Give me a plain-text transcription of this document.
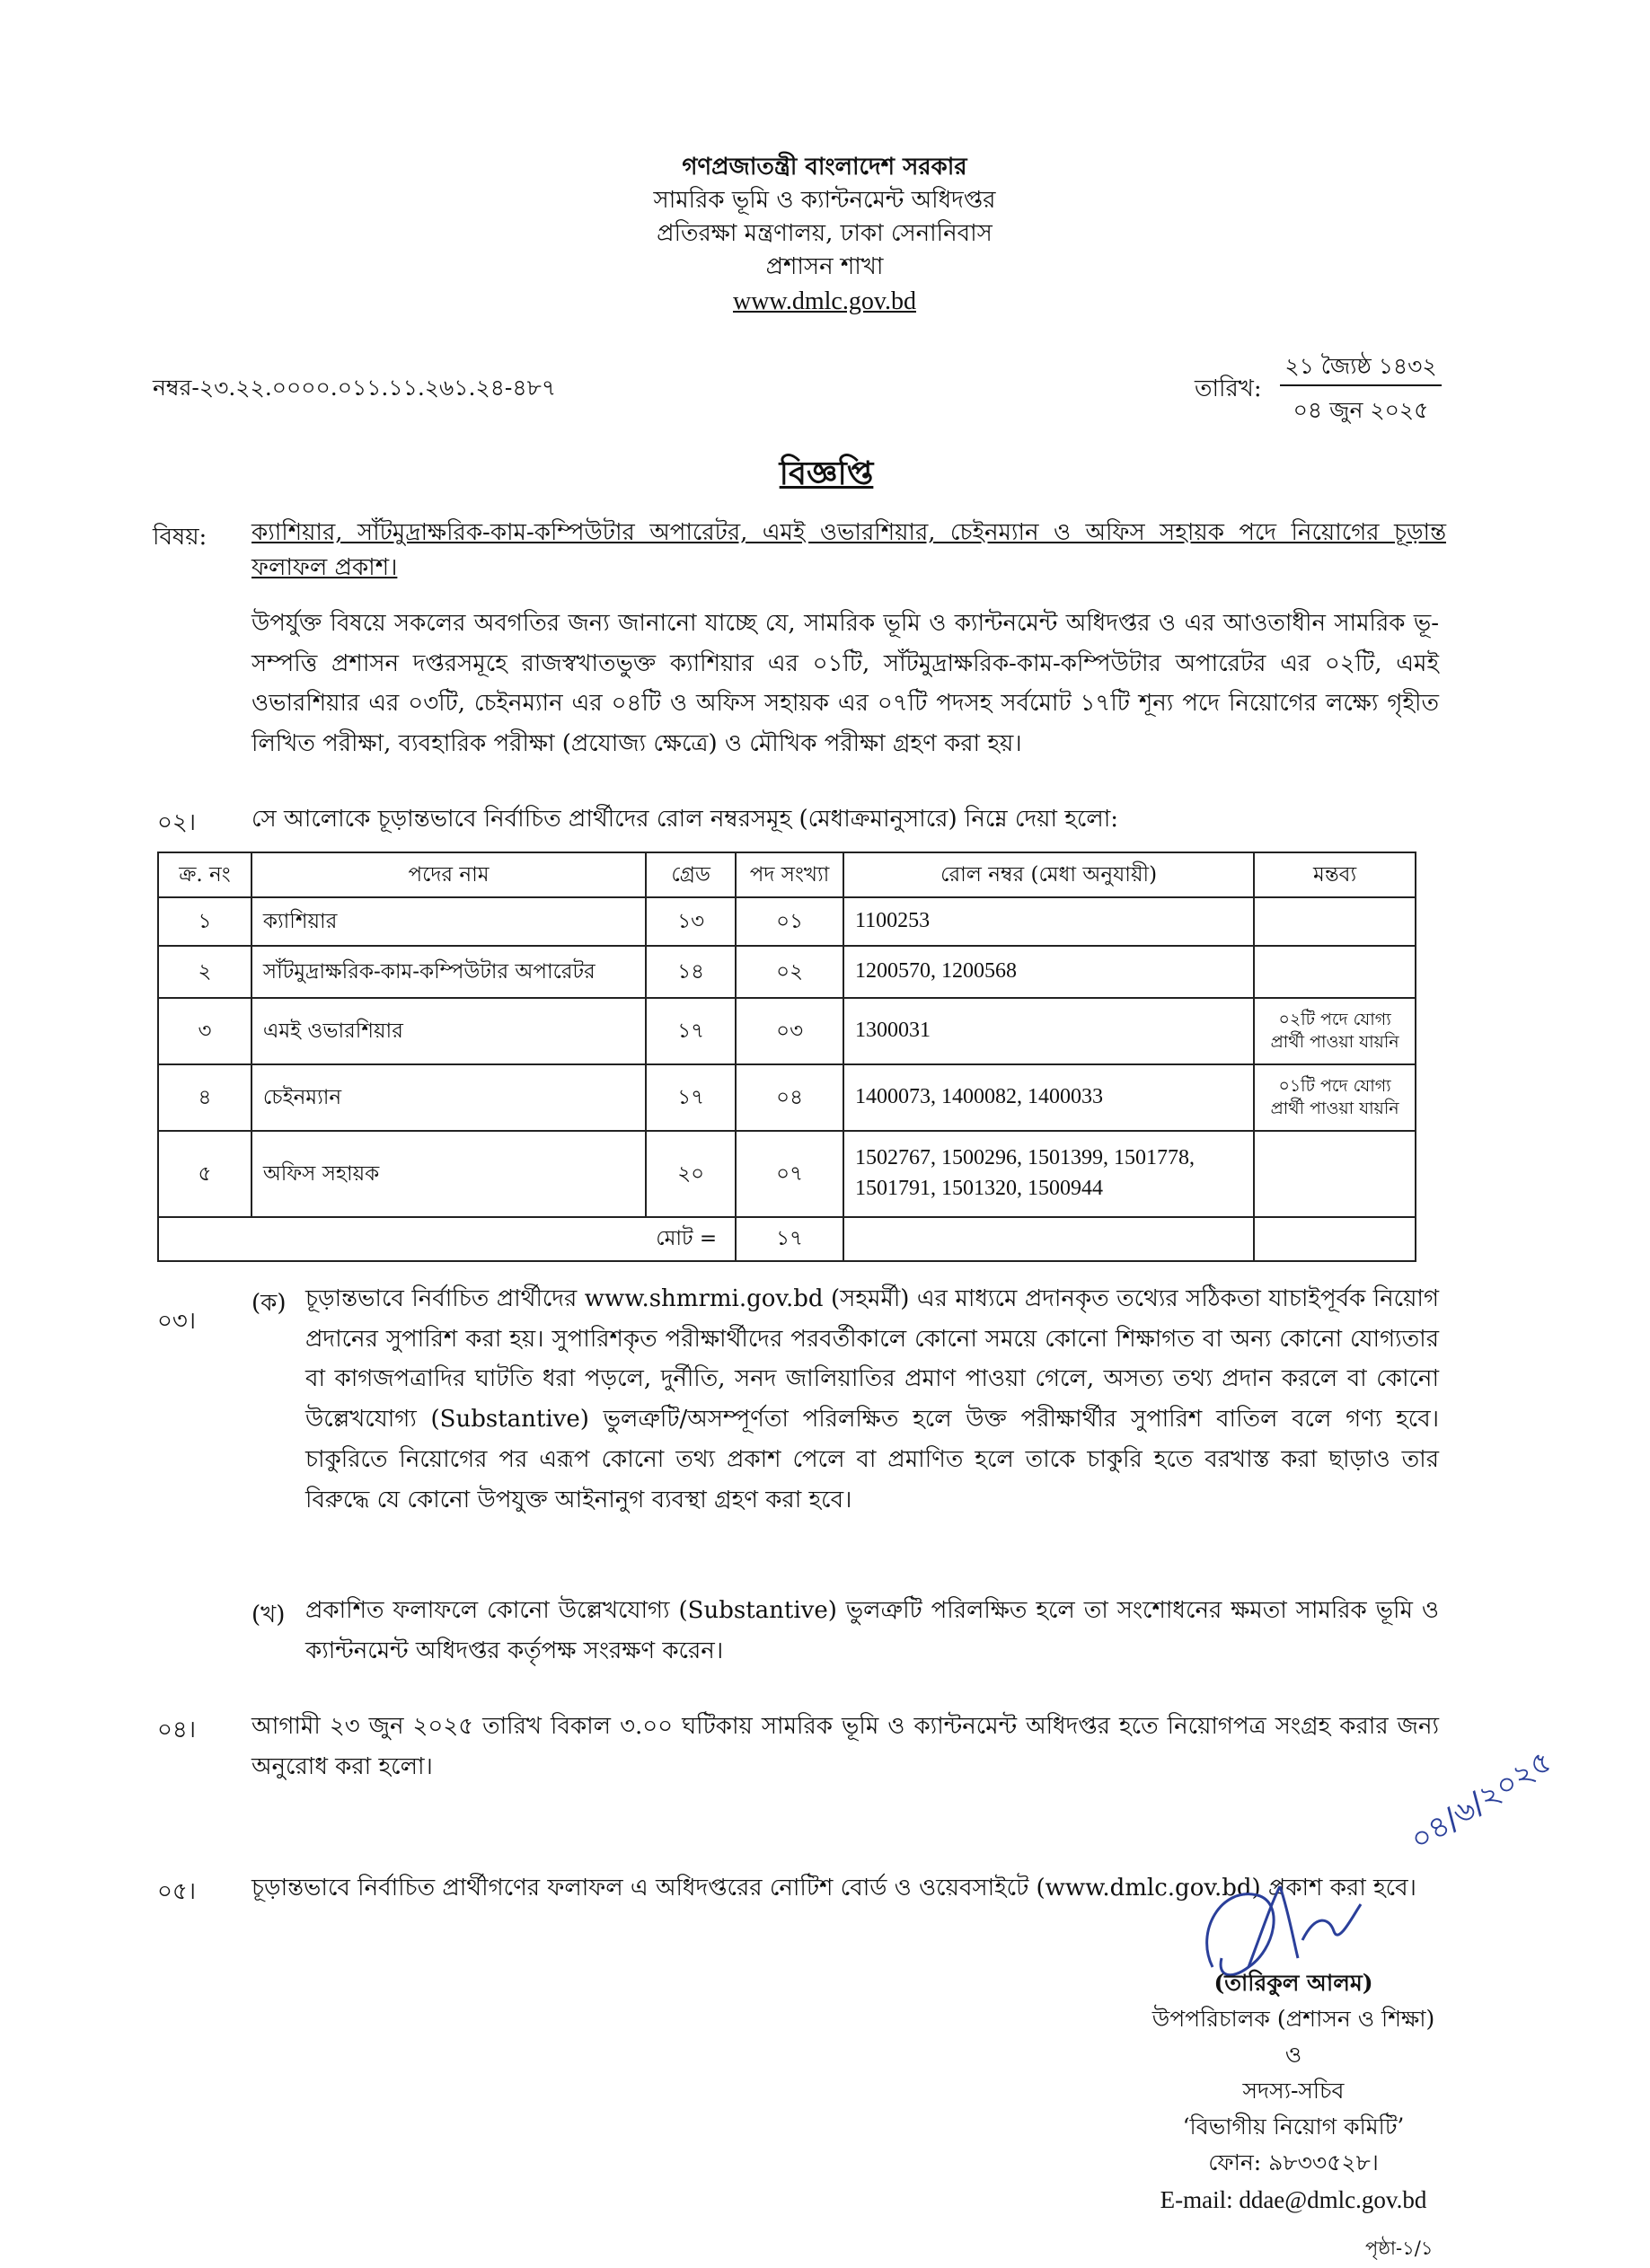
গণপ্রজাতন্ত্রী বাংলাদেশ সরকার
সামরিক ভূমি ও ক্যান্টনমেন্ট অধিদপ্তর
প্রতিরক্ষা মন্ত্রণালয়, ঢাকা সেনানিবাস
প্রশাসন শাখা
www.dmlc.gov.bd
নম্বর-২৩.২২.০০০০.০১১.১১.২৬১.২৪-৪৮৭	তারিখ:
২১ জ্যৈষ্ঠ ১৪৩২
০৪ জুন ২০২৫
বিজ্ঞপ্তি
বিষয়: ক্যাশিয়ার, সাঁটমুদ্রাক্ষরিক-কাম-কম্পিউটার অপারেটর, এমই ওভারশিয়ার, চেইনম্যান ও অফিস সহায়ক পদে নিয়োগের চূড়ান্ত ফলাফল প্রকাশ।
উপর্যুক্ত বিষয়ে সকলের অবগতির জন্য জানানো যাচ্ছে যে, সামরিক ভূমি ও ক্যান্টনমেন্ট অধিদপ্তর ও এর আওতাধীন সামরিক ভূ-সম্পত্তি প্রশাসন দপ্তরসমূহে রাজস্বখাতভুক্ত ক্যাশিয়ার এর ০১টি, সাঁটমুদ্রাক্ষরিক-কাম-কম্পিউটার অপারেটর এর ০২টি, এমই ওভারশিয়ার এর ০৩টি, চেইনম্যান এর ০৪টি ও অফিস সহায়ক এর ০৭টি পদসহ সর্বমোট ১৭টি শূন্য পদে নিয়োগের লক্ষ্যে গৃহীত লিখিত পরীক্ষা, ব্যবহারিক পরীক্ষা (প্রযোজ্য ক্ষেত্রে) ও মৌখিক পরীক্ষা গ্রহণ করা হয়।
০২। সে আলোকে চূড়ান্তভাবে নির্বাচিত প্রার্থীদের রোল নম্বরসমূহ (মেধাক্রমানুসারে) নিম্নে দেয়া হলো:
ক্র. নং	পদের নাম	গ্রেড	পদ সংখ্যা	রোল নম্বর (মেধা অনুযায়ী)	মন্তব্য
১	ক্যাশিয়ার	১৩	০১	1100253	
২	সাঁটমুদ্রাক্ষরিক-কাম-কম্পিউটার অপারেটর	১৪	০২	1200570, 1200568	
৩	এমই ওভারশিয়ার	১৭	০৩	1300031	০২টি পদে যোগ্য প্রার্থী পাওয়া যায়নি
৪	চেইনম্যান	১৭	০৪	1400073, 1400082, 1400033	০১টি পদে যোগ্য প্রার্থী পাওয়া যায়নি
৫	অফিস সহায়ক	২০	০৭	1502767, 1500296, 1501399, 1501778, 1501791, 1501320, 1500944	
মোট =			১৭		
০৩।
(ক) চূড়ান্তভাবে নির্বাচিত প্রার্থীদের www.shmrmi.gov.bd (সহমর্মী) এর মাধ্যমে প্রদানকৃত তথ্যের সঠিকতা যাচাইপূর্বক নিয়োগ প্রদানের সুপারিশ করা হয়। সুপারিশকৃত পরীক্ষার্থীদের পরবর্তীকালে কোনো সময়ে কোনো শিক্ষাগত বা অন্য কোনো যোগ্যতার বা কাগজপত্রাদির ঘাটতি ধরা পড়লে, দুর্নীতি, সনদ জালিয়াতির প্রমাণ পাওয়া গেলে, অসত্য তথ্য প্রদান করলে বা কোনো উল্লেখযোগ্য (Substantive) ভুলত্রুটি/অসম্পূর্ণতা পরিলক্ষিত হলে উক্ত পরীক্ষার্থীর সুপারিশ বাতিল বলে গণ্য হবে। চাকুরিতে নিয়োগের পর এরূপ কোনো তথ্য প্রকাশ পেলে বা প্রমাণিত হলে তাকে চাকুরি হতে বরখাস্ত করা ছাড়াও তার বিরুদ্ধে যে কোনো উপযুক্ত আইনানুগ ব্যবস্থা গ্রহণ করা হবে।
(খ) প্রকাশিত ফলাফলে কোনো উল্লেখযোগ্য (Substantive) ভুলত্রুটি পরিলক্ষিত হলে তা সংশোধনের ক্ষমতা সামরিক ভূমি ও ক্যান্টনমেন্ট অধিদপ্তর কর্তৃপক্ষ সংরক্ষণ করেন।
০৪। আগামী ২৩ জুন ২০২৫ তারিখ বিকাল ৩.০০ ঘটিকায় সামরিক ভূমি ও ক্যান্টনমেন্ট অধিদপ্তর হতে নিয়োগপত্র সংগ্রহ করার জন্য অনুরোধ করা হলো।
০৫। চূড়ান্তভাবে নির্বাচিত প্রার্থীগণের ফলাফল এ অধিদপ্তরের নোটিশ বোর্ড ও ওয়েবসাইটে (www.dmlc.gov.bd) প্রকাশ করা হবে।
০৪/৬/২০২৫
(তারিকুল আলম)
উপপরিচালক (প্রশাসন ও শিক্ষা)
ও
সদস্য-সচিব
‘বিভাগীয় নিয়োগ কমিটি’
ফোন: ৯৮৩৩৫২৮।
E-mail: ddae@dmlc.gov.bd
পৃষ্ঠা-১/১
